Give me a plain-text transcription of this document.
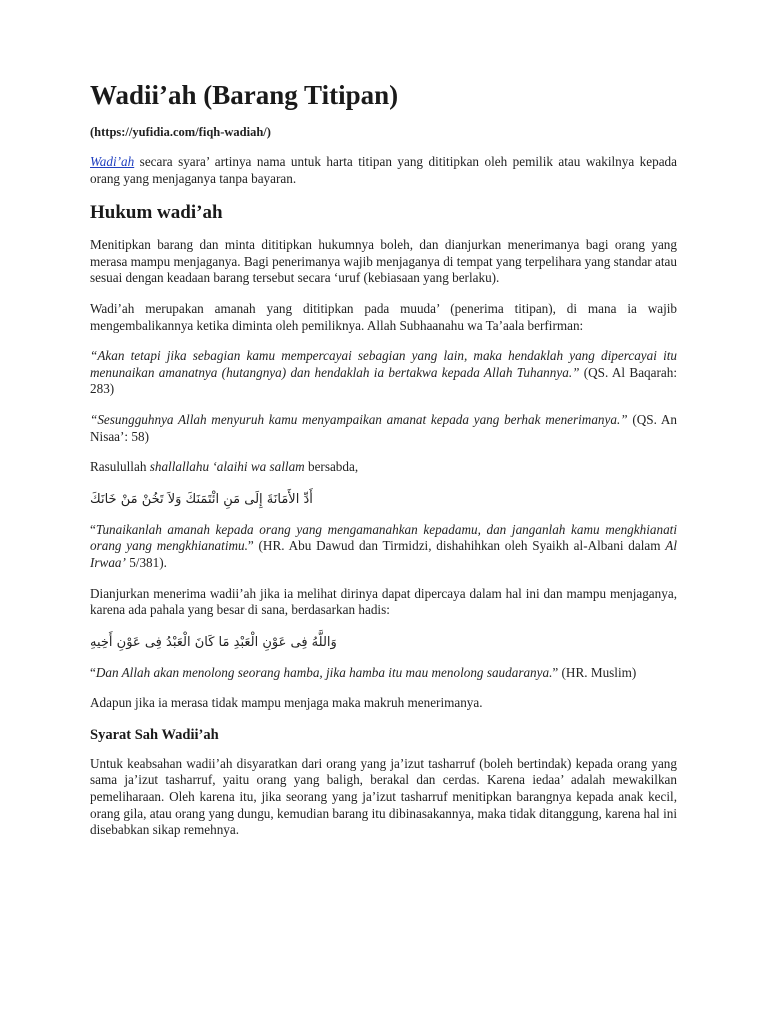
Wadii’ah (Barang Titipan)
(https://yufidia.com/fiqh-wadiah/)

Wadi’ah secara syara’ artinya nama untuk harta titipan yang dititipkan oleh pemilik atau wakilnya kepada orang yang menjaganya tanpa bayaran.

Hukum wadi’ah

Menitipkan barang dan minta dititipkan hukumnya boleh, dan dianjurkan menerimanya bagi orang yang merasa mampu menjaganya. Bagi penerimanya wajib menjaganya di tempat yang terpelihara yang standar atau sesuai dengan keadaan barang tersebut secara ‘uruf (kebiasaan yang berlaku).

Wadi’ah merupakan amanah yang dititipkan pada muuda’ (penerima titipan), di mana ia wajib mengembalikannya ketika diminta oleh pemiliknya. Allah Subhaanahu wa Ta’aala berfirman:

“Akan tetapi jika sebagian kamu mempercayai sebagian yang lain, maka hendaklah yang dipercayai itu menunaikan amanatnya (hutangnya) dan hendaklah ia bertakwa kepada Allah Tuhannya.” (QS. Al Baqarah: 283)

“Sesungguhnya Allah menyuruh kamu menyampaikan amanat kepada yang berhak menerimanya.” (QS. An Nisaa’: 58)

Rasulullah shallallahu ‘alaihi wa sallam bersabda,

أَدِّ الأَمَانَةَ إِلَى مَنِ ائْتَمَنَكَ وَلاَ تَخُنْ مَنْ خَانَكَ

“Tunaikanlah amanah kepada orang yang mengamanahkan kepadamu, dan janganlah kamu mengkhianati orang yang mengkhianatimu.” (HR. Abu Dawud dan Tirmidzi, dishahihkan oleh Syaikh al-Albani dalam Al Irwaa’ 5/381).

Dianjurkan menerima wadii’ah jika ia melihat dirinya dapat dipercaya dalam hal ini dan mampu menjaganya, karena ada pahala yang besar di sana, berdasarkan hadis:

وَاللَّهُ فِى عَوْنِ الْعَبْدِ مَا كَانَ الْعَبْدُ فِى عَوْنِ أَخِيهِ

“Dan Allah akan menolong seorang hamba, jika hamba itu mau menolong saudaranya.” (HR. Muslim)

Adapun jika ia merasa tidak mampu menjaga maka makruh menerimanya.

Syarat Sah Wadii’ah

Untuk keabsahan wadii’ah disyaratkan dari orang yang ja’izut tasharruf (boleh bertindak) kepada orang yang sama ja’izut tasharruf, yaitu orang yang baligh, berakal dan cerdas. Karena iedaa’ adalah mewakilkan pemeliharaan. Oleh karena itu, jika seorang yang ja’izut tasharruf menitipkan barangnya kepada anak kecil, orang gila, atau orang yang dungu, kemudian barang itu dibinasakannya, maka tidak ditanggung, karena hal ini disebabkan sikap remehnya.
